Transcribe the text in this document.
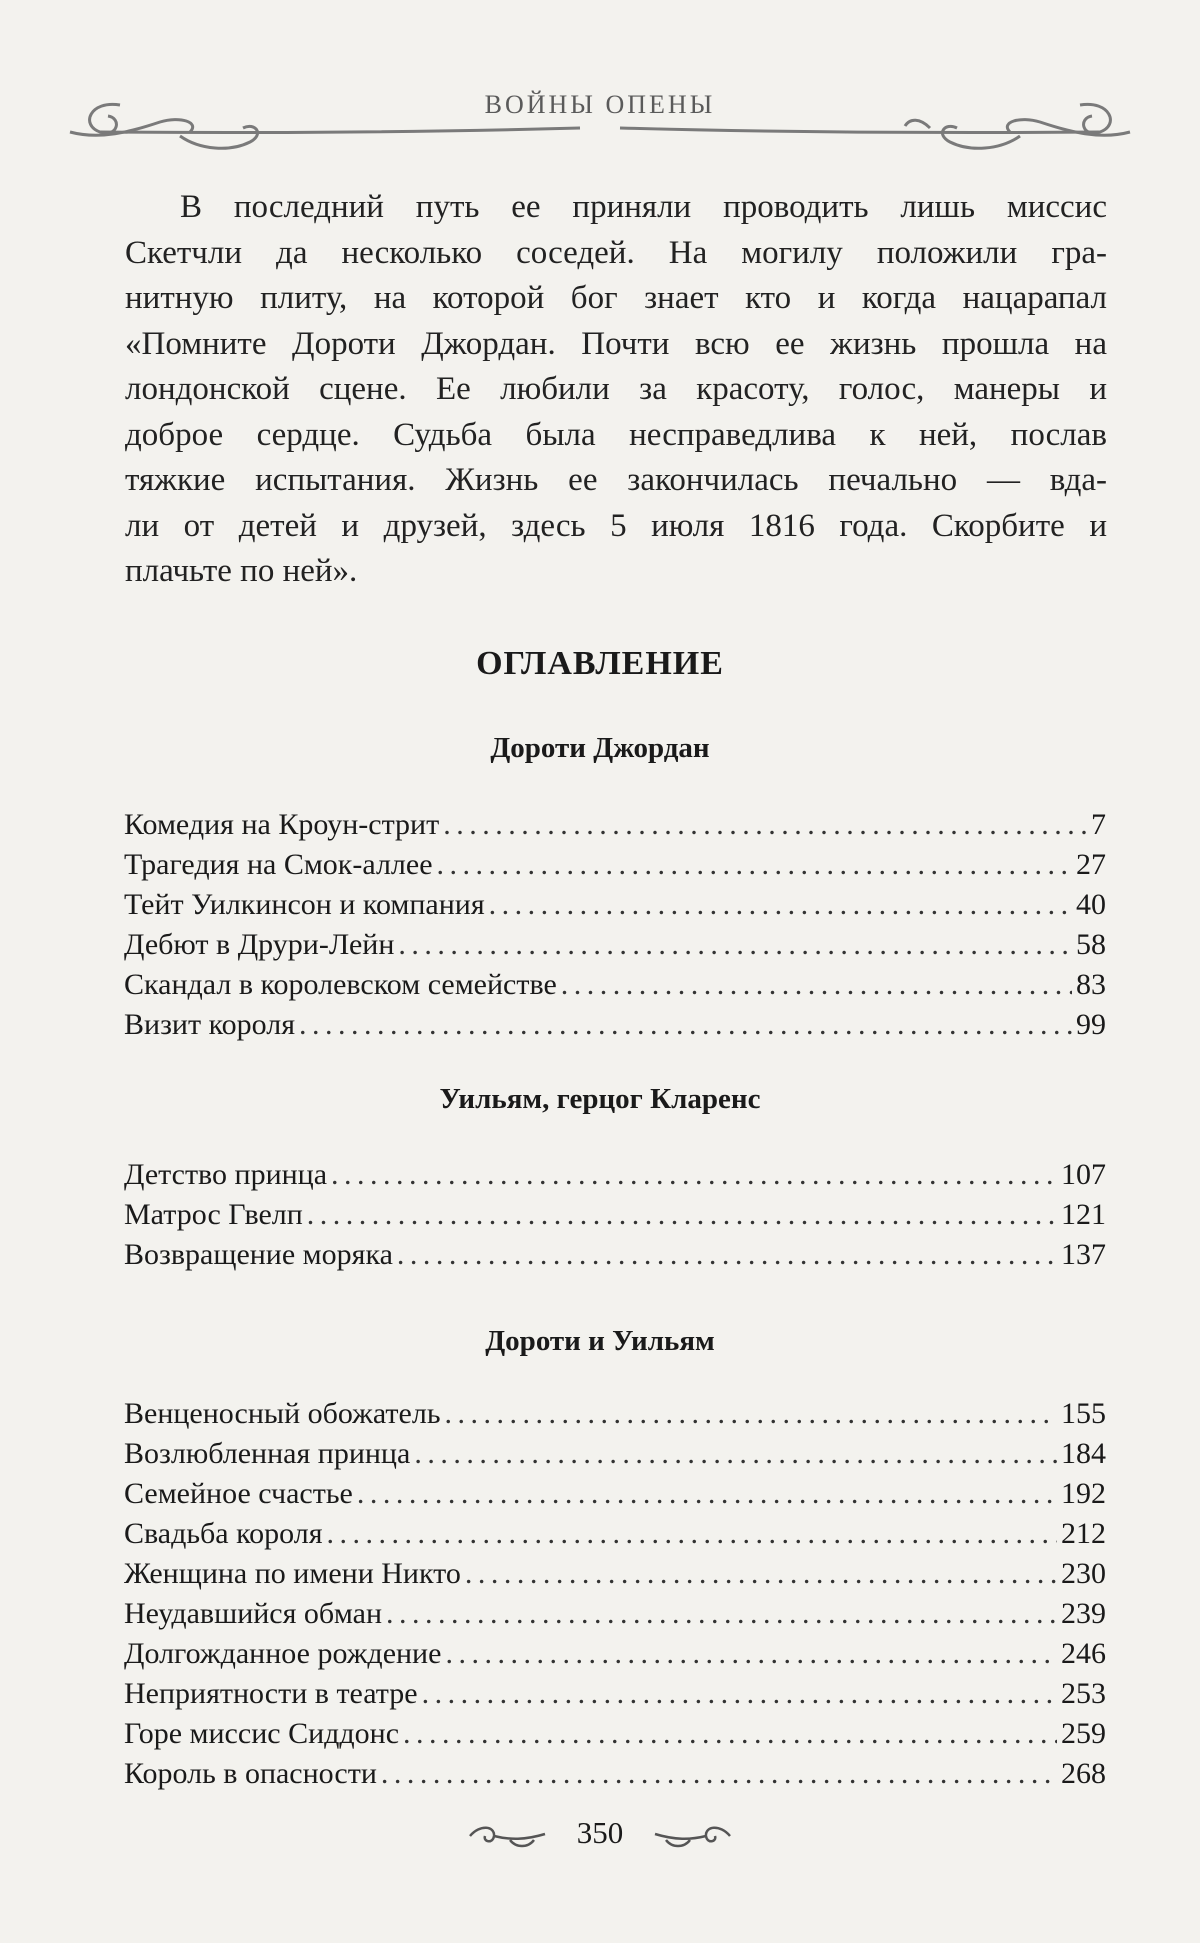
ВОЙНЫ ОПЕНЫ
В последний путь ее приняли проводить лишь миссис
Скетчли да несколько соседей. На могилу положили гра-
нитную плиту, на которой бог знает кто и когда нацарапал
«Помните Дороти Джордан. Почти всю ее жизнь прошла на
лондонской сцене. Ее любили за красоту, голос, манеры и
доброе сердце. Судьба была несправедлива к ней, послав
тяжкие испытания. Жизнь ее закончилась печально — вда-
ли от детей и друзей, здесь 5 июля 1816 года. Скорбите и
плачьте по ней».
ОГЛАВЛЕНИЕ
Дороти Джордан
Комедия на Кроун-стрит . . .	7
Трагедия на Смок-аллее . . .	27
Тейт Уилкинсон и компания . . .	40
Дебют в Друри-Лейн . . .	58
Скандал в королевском семействе . . .	83
Визит короля . . .	99
Уильям, герцог Кларенс
Детство принца . . .	107
Матрос Гвелп . . .	121
Возвращение моряка . . .	137
Дороти и Уильям
Венценосный обожатель . . .	155
Возлюбленная принца . . .	184
Семейное счастье . . .	192
Свадьба короля . . .	212
Женщина по имени Никто . . .	230
Неудавшийся обман . . .	239
Долгожданное рождение . . .	246
Неприятности в театре . . .	253
Горе миссис Сиддонс . . .	259
Король в опасности . . .	268
350
